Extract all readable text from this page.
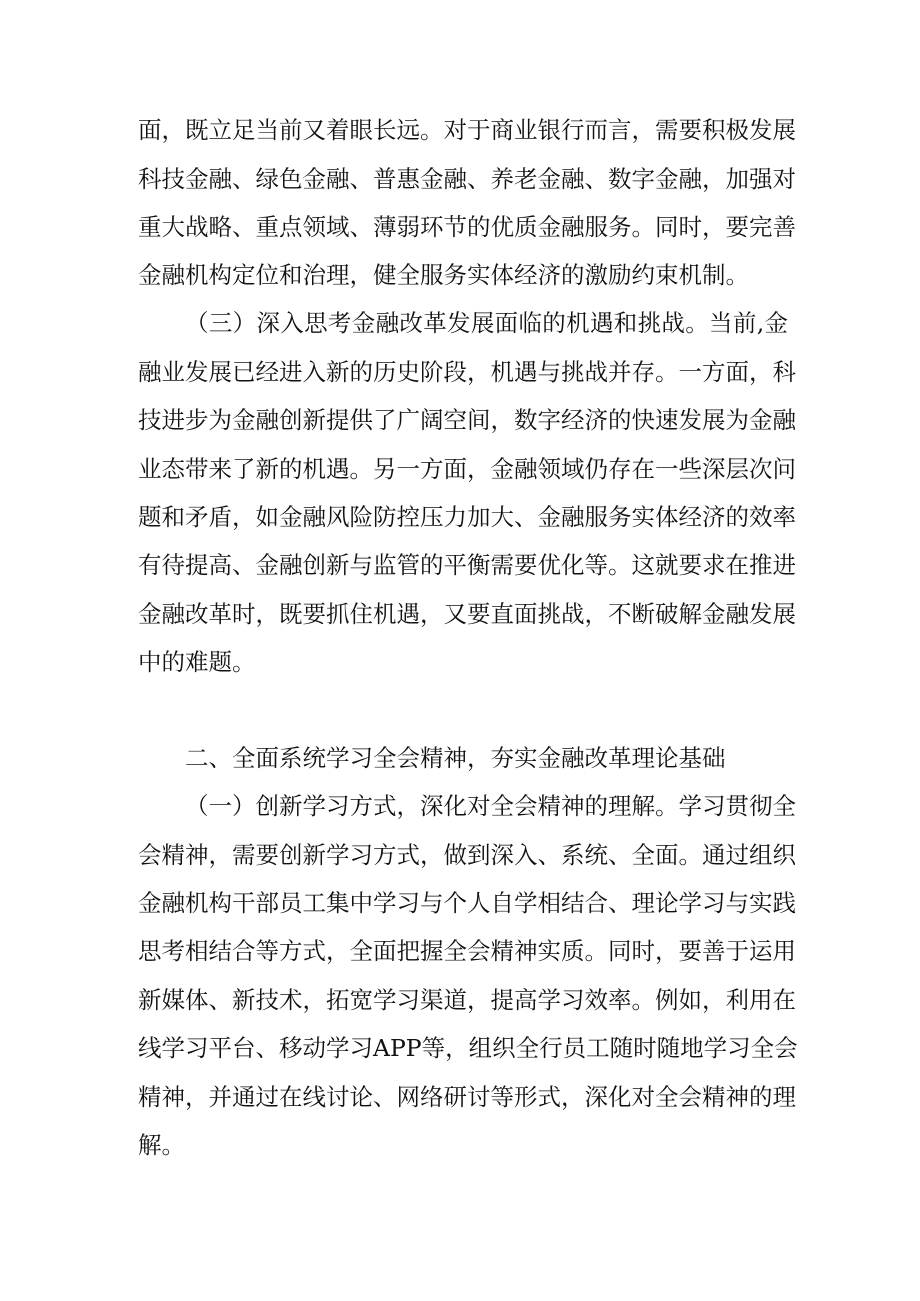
面，既立足当前又着眼长远。对于商业银行而言，需要积极发展
科技金融、绿色金融、普惠金融、养老金融、数字金融，加强对
重大战略、重点领域、薄弱环节的优质金融服务。同时，要完善
金融机构定位和治理，健全服务实体经济的激励约束机制。
（三）深入思考金融改革发展面临的机遇和挑战。当前,金
融业发展已经进入新的历史阶段，机遇与挑战并存。一方面，科
技进步为金融创新提供了广阔空间，数字经济的快速发展为金融
业态带来了新的机遇。另一方面，金融领域仍存在一些深层次问
题和矛盾，如金融风险防控压力加大、金融服务实体经济的效率
有待提高、金融创新与监管的平衡需要优化等。这就要求在推进
金融改革时，既要抓住机遇，又要直面挑战，不断破解金融发展
中的难题。
二、全面系统学习全会精神，夯实金融改革理论基础
（一）创新学习方式，深化对全会精神的理解。学习贯彻全
会精神，需要创新学习方式，做到深入、系统、全面。通过组织
金融机构干部员工集中学习与个人自学相结合、理论学习与实践
思考相结合等方式，全面把握全会精神实质。同时，要善于运用
新媒体、新技术，拓宽学习渠道，提高学习效率。例如，利用在
线学习平台、移动学习APP等，组织全行员工随时随地学习全会
精神，并通过在线讨论、网络研讨等形式，深化对全会精神的理
解。
